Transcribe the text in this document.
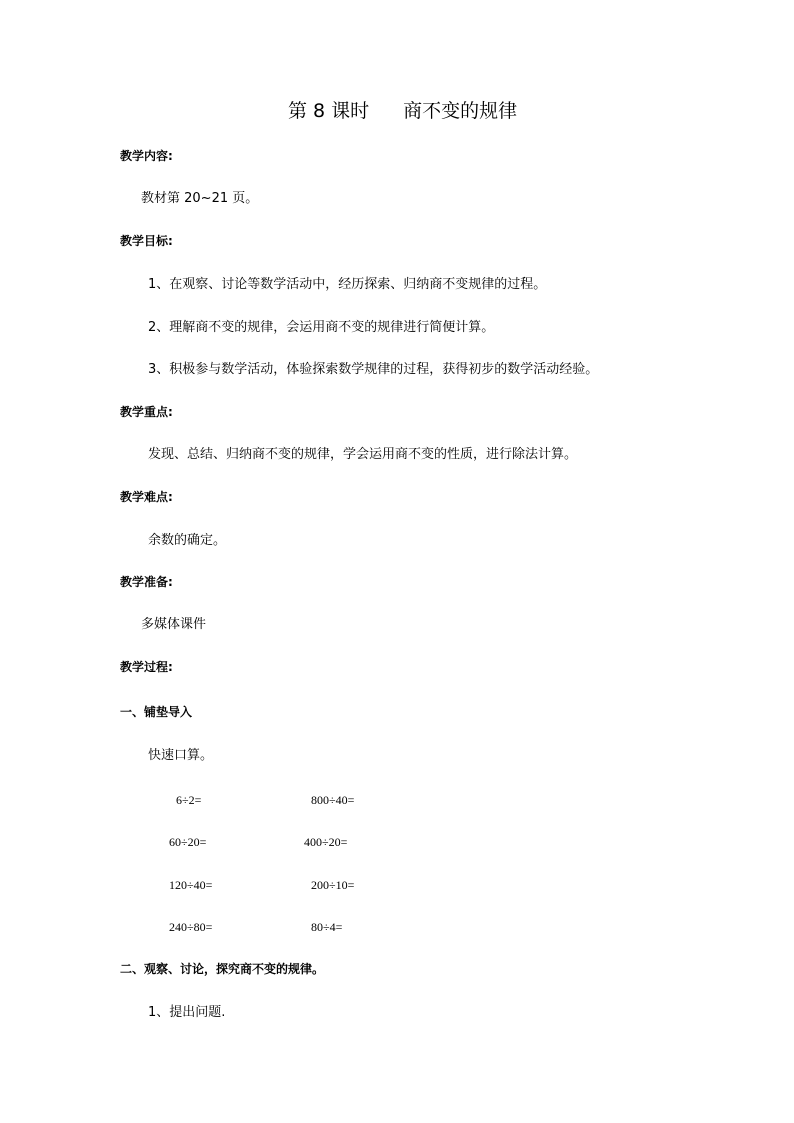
第 8 课时 商不变的规律
教学内容:
教材第 20~21 页。
教学目标:
1、在观察、讨论等数学活动中，经历探索、归纳商不变规律的过程。
2、理解商不变的规律，会运用商不变的规律进行简便计算。
3、积极参与数学活动，体验探索数学规律的过程，获得初步的数学活动经验。
教学重点:
发现、总结、归纳商不变的规律，学会运用商不变的性质，进行除法计算。
教学难点:
余数的确定。
教学准备:
多媒体课件
教学过程:
一、铺垫导入
快速口算。
6÷2=	800÷40=
60÷20=	400÷20=
120÷40=	200÷10=
240÷80=	80÷4=
二、观察、讨论，探究商不变的规律。
1、提出问题.
